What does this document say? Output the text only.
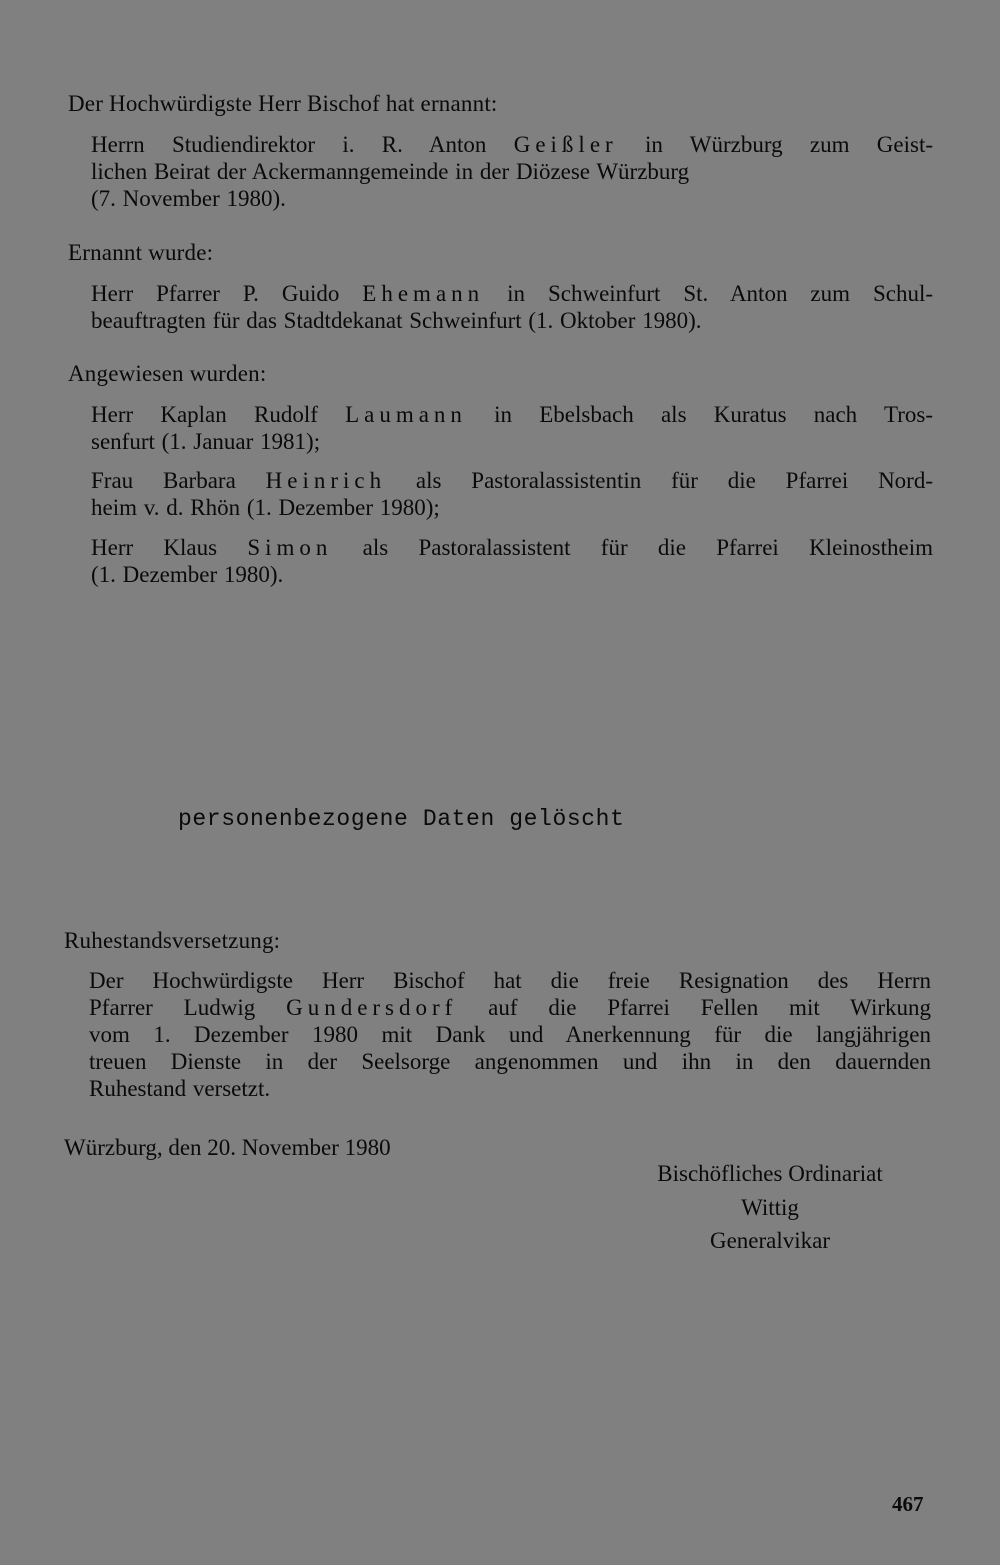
Der Hochwürdigste Herr Bischof hat ernannt:
Herrn Studiendirektor i. R. Anton Geißler in Würzburg zum Geist-
lichen Beirat der Ackermanngemeinde in der Diözese Würzburg
(7. November 1980).
Ernannt wurde:
Herr Pfarrer P. Guido Ehemann in Schweinfurt St. Anton zum Schul-
beauftragten für das Stadtdekanat Schweinfurt (1. Oktober 1980).
Angewiesen wurden:
Herr Kaplan Rudolf Laumann in Ebelsbach als Kuratus nach Tros-
senfurt (1. Januar 1981);
Frau Barbara Heinrich als Pastoralassistentin für die Pfarrei Nord-
heim v. d. Rhön (1. Dezember 1980);
Herr Klaus Simon als Pastoralassistent für die Pfarrei Kleinostheim
(1. Dezember 1980).
personenbezogene Daten gelöscht
Ruhestandsversetzung:
Der Hochwürdigste Herr Bischof hat die freie Resignation des Herrn
Pfarrer Ludwig Gundersdorf auf die Pfarrei Fellen mit Wirkung
vom 1. Dezember 1980 mit Dank und Anerkennung für die langjährigen
treuen Dienste in der Seelsorge angenommen und ihn in den dauernden
Ruhestand versetzt.
Würzburg, den 20. November 1980
Bischöfliches Ordinariat
Wittig
Generalvikar
467
